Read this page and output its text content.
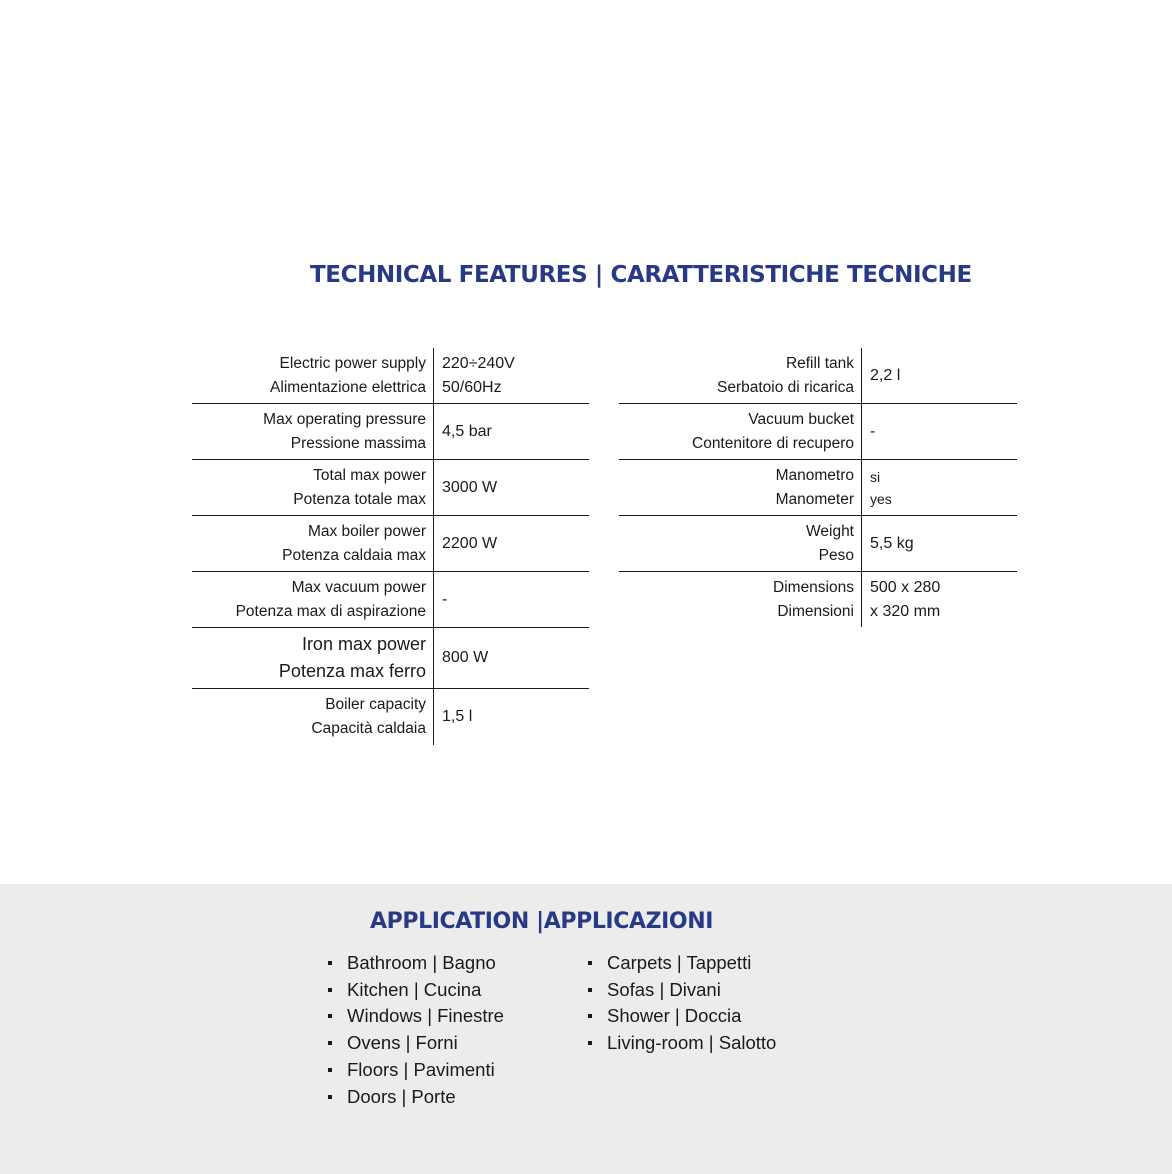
TECHNICAL FEATURES | CARATTERISTICHE TECNICHE
Electric power supply
Alimentazione elettrica
220÷240V
50/60Hz
Max operating pressure
Pressione massima
4,5 bar
Total max power
Potenza totale max
3000 W
Max boiler power
Potenza caldaia max
2200 W
Max vacuum power
Potenza max di aspirazione
-
Iron max power
Potenza max ferro
800 W
Boiler capacity
Capacità caldaia
1,5 l
Refill tank
Serbatoio di ricarica
2,2 l
Vacuum bucket
Contenitore di recupero
-
Manometro
Manometer
si
yes
Weight
Peso
5,5 kg
Dimensions
Dimensioni
500 x 280
x 320 mm
APPLICATION |APPLICAZIONI
Bathroom | Bagno
Kitchen | Cucina
Windows | Finestre
Ovens | Forni
Floors | Pavimenti
Doors | Porte
Carpets | Tappetti
Sofas | Divani
Shower | Doccia
Living-room | Salotto
